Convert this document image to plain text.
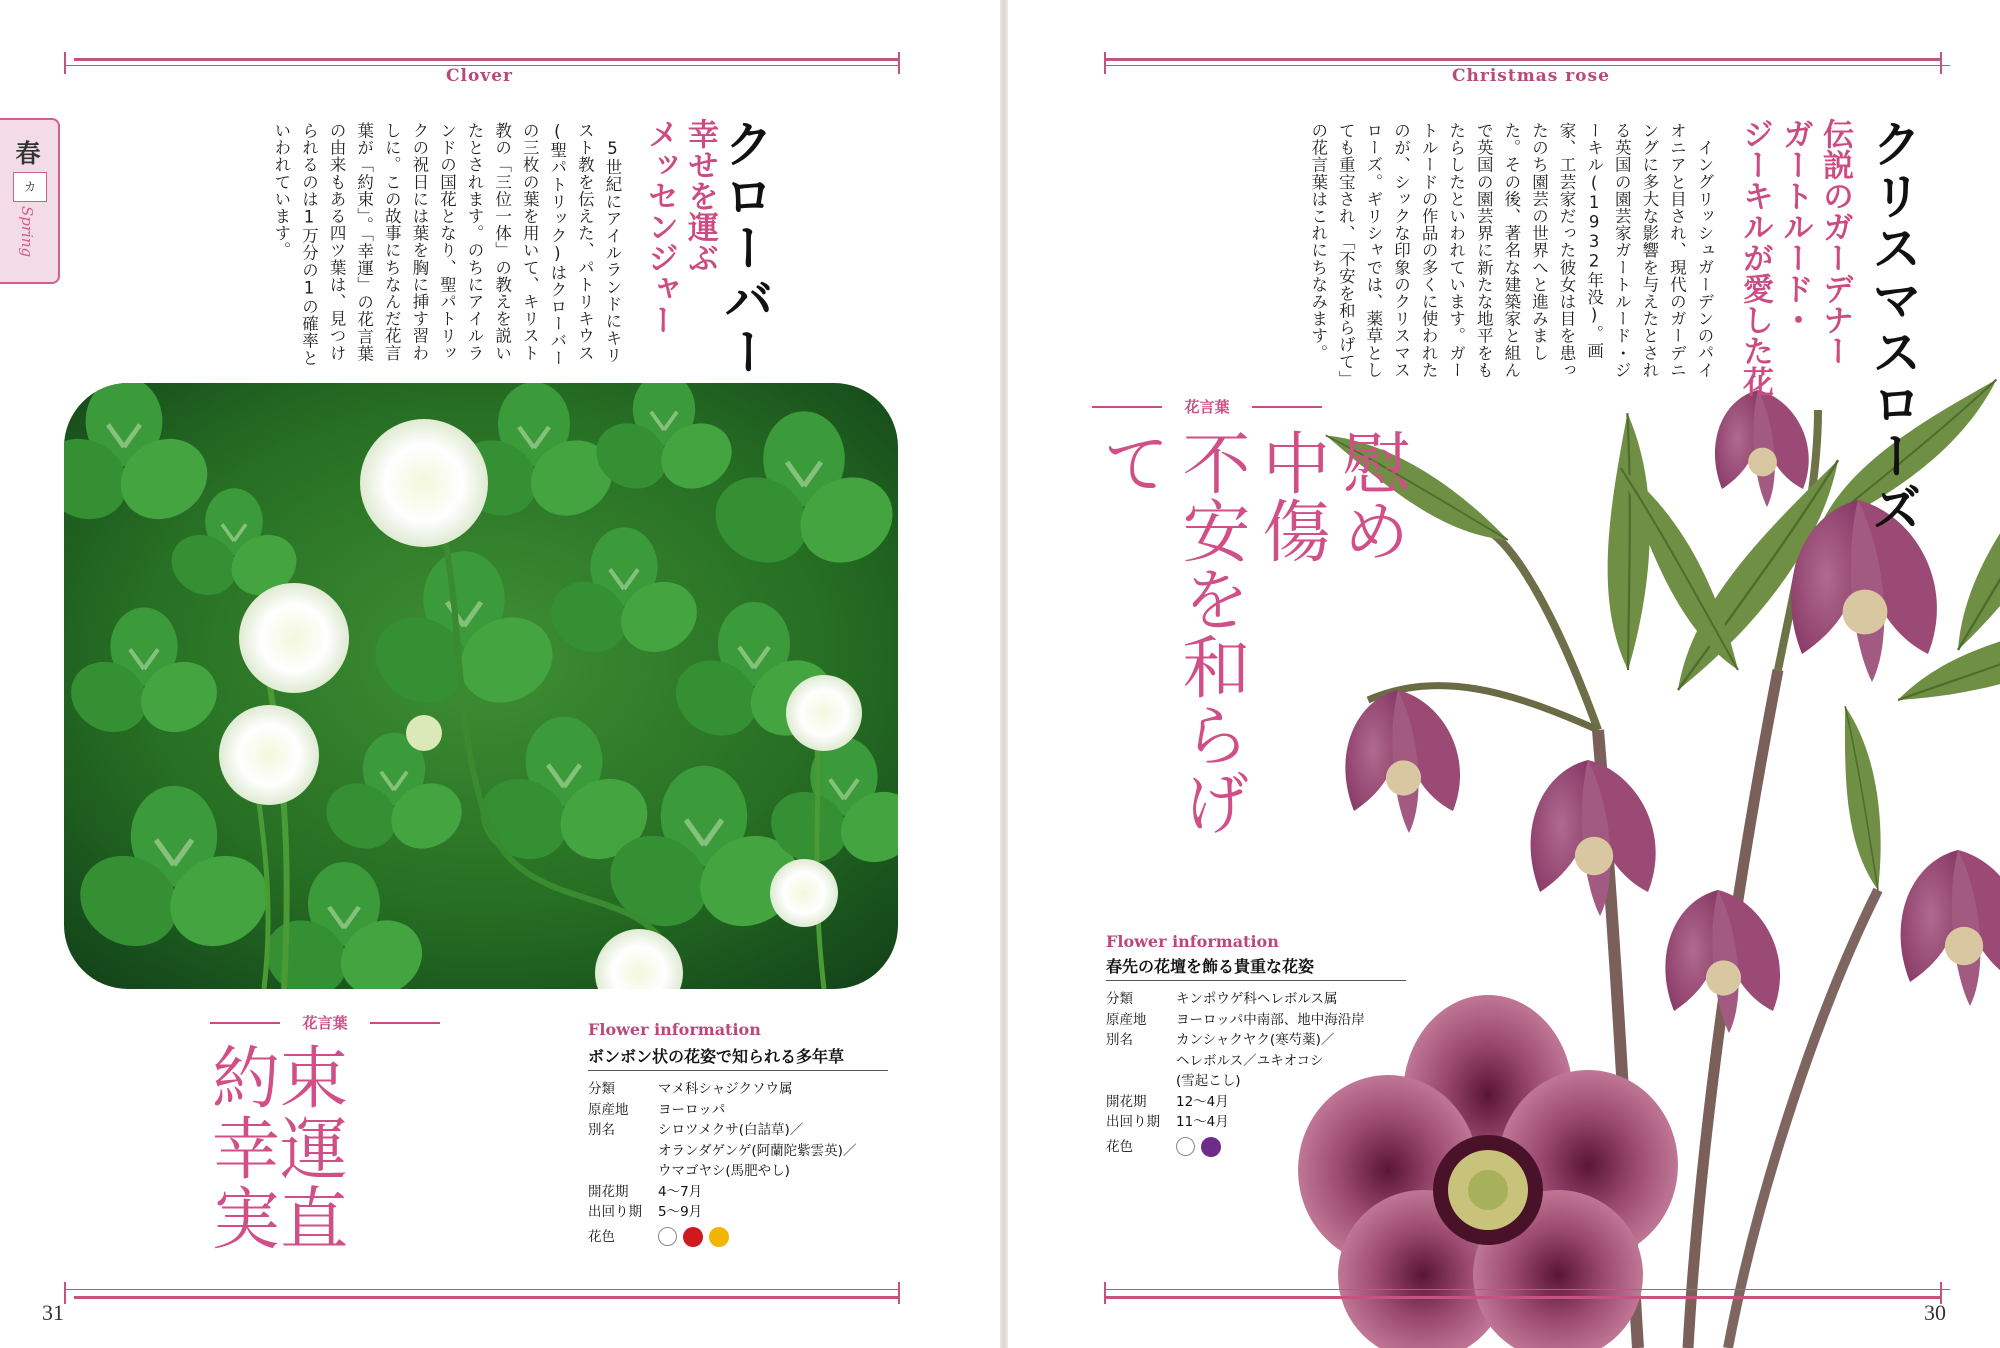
Clover
春
カ
Spring	クローバー
幸せを運ぶ
メッセンジャー

5世紀にアイルランドにキリスト教を伝えた、パトリキウス(聖パトリック)はクローバーの三枚の葉を用いて、キリスト教の「三位一体」の教えを説いたとされます。のちにアイルランドの国花となり、聖パトリックの祝日には葉を胸に挿す習わしに。この故事にちなんだ花言葉が「約束」。「幸運」の花言葉の由来もある四ツ葉は、見つけられるのは1万分の1の確率といわれています。

花言葉
約束
幸運
実直
Flower information
ボンボン状の花姿で知られる多年草
分類	マメ科シャジクソウ属
原産地	ヨーロッパ
別名	シロツメクサ(白詰草)／
オランダゲンゲ(阿蘭陀紫雲英)／
ウマゴヤシ(馬肥やし)
開花期	4〜7月
出回り期	5〜9月
花色
31
Christmas rose
クリスマスローズ
伝説のガーデナー
ガートルード・
ジーキルが愛した花

イングリッシュガーデンのパイオニアと目され、現代のガーデニングに多大な影響を与えたとされる英国の園芸家ガートルード・ジーキル(1932年没)。画家、工芸家だった彼女は目を患ったのち園芸の世界へと進みました。その後、著名な建築家と組んで英国の園芸界に新たな地平をもたらしたといわれています。ガートルードの作品の多くに使われたのが、シックな印象のクリスマスローズ。ギリシャでは、薬草としても重宝され、「不安を和らげて」の花言葉はこれにちなみます。

花言葉
慰め
中傷
不安を和らげて
Flower information
春先の花壇を飾る貴重な花姿
分類	キンポウゲ科ヘレボルス属
原産地	ヨーロッパ中南部、地中海沿岸
別名	カンシャクヤク(寒芍薬)／
ヘレボルス／ユキオコシ
(雪起こし)
開花期	12〜4月
出回り期	11〜4月
花色
30
